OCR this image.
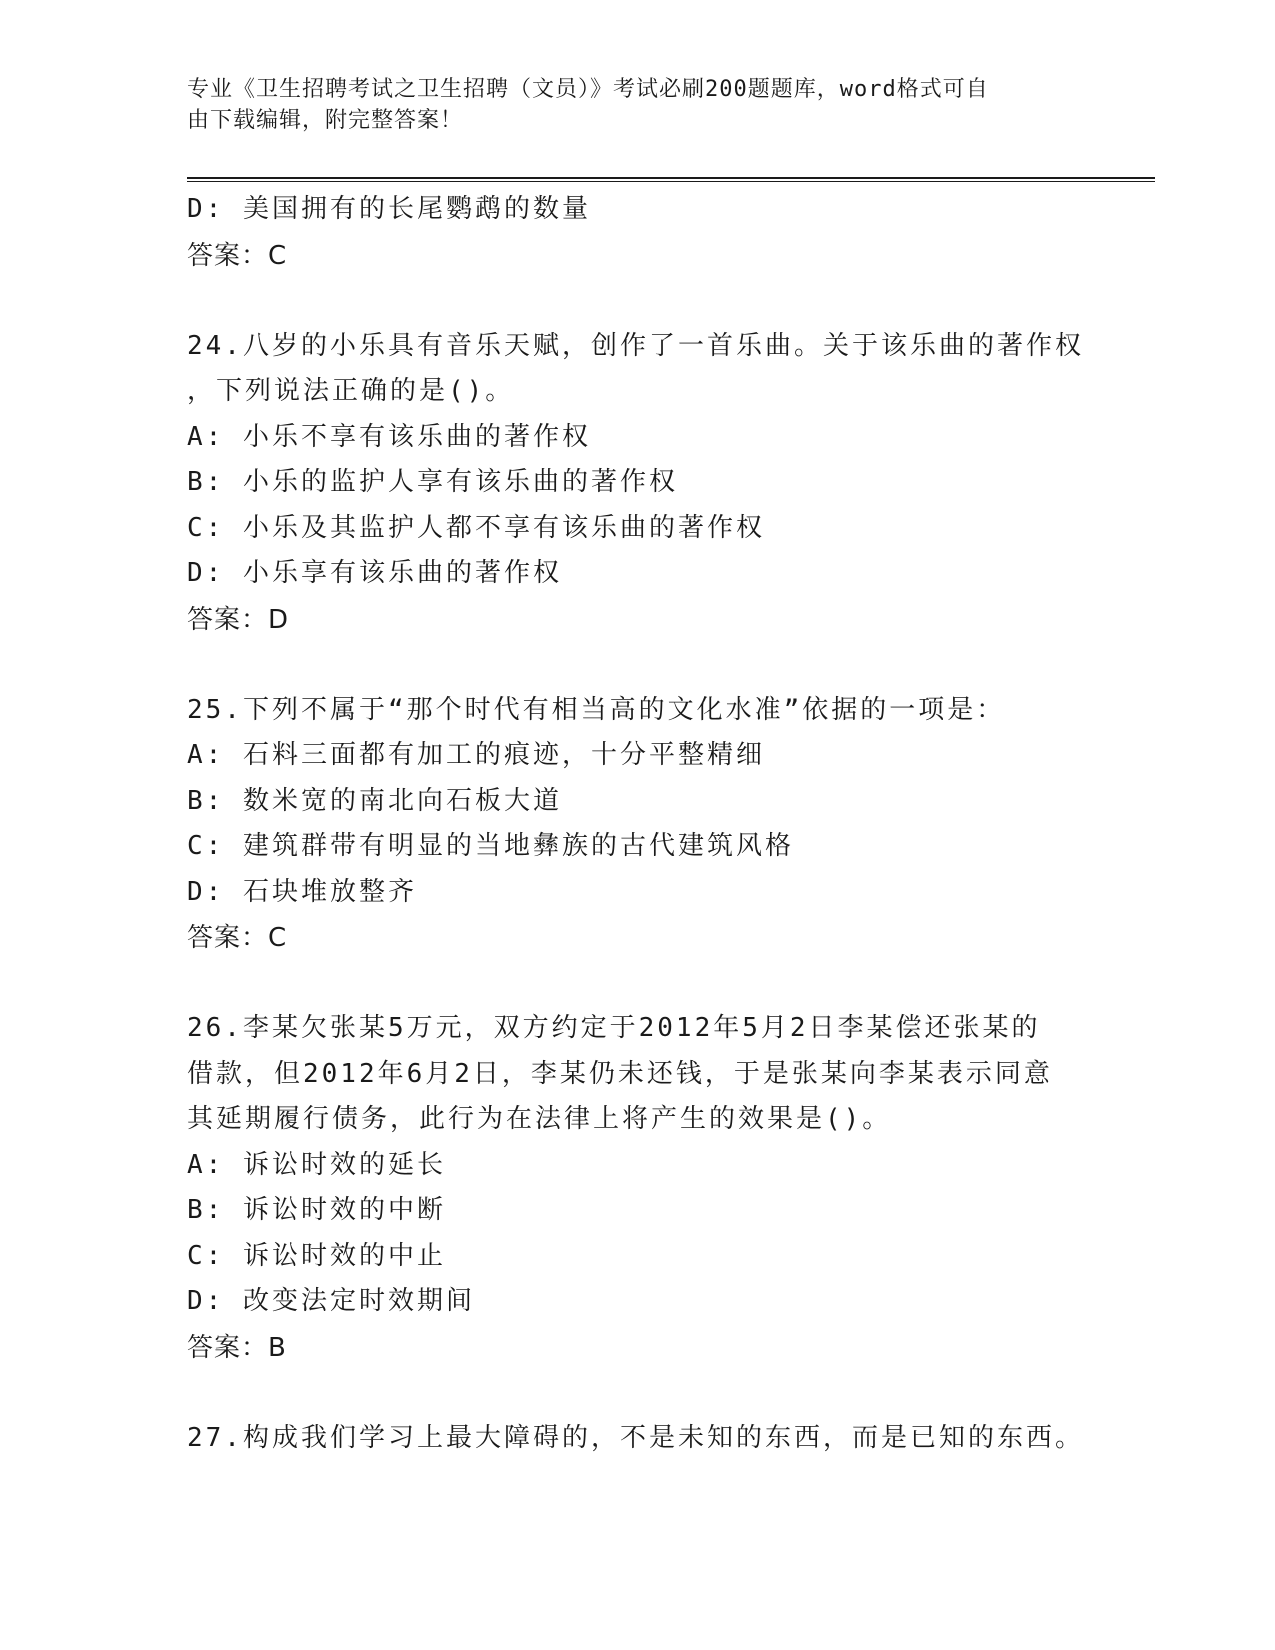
专业《卫生招聘考试之卫生招聘（文员）》考试必刷200题题库，word格式可自
由下载编辑，附完整答案！
D: 美国拥有的长尾鹦鹉的数量
答案：C
24.八岁的小乐具有音乐天赋，创作了一首乐曲。关于该乐曲的著作权
，下列说法正确的是()。
A: 小乐不享有该乐曲的著作权
B: 小乐的监护人享有该乐曲的著作权
C: 小乐及其监护人都不享有该乐曲的著作权
D: 小乐享有该乐曲的著作权
答案：D
25.下列不属于“那个时代有相当高的文化水准”依据的一项是：
A: 石料三面都有加工的痕迹，十分平整精细
B: 数米宽的南北向石板大道
C: 建筑群带有明显的当地彝族的古代建筑风格
D: 石块堆放整齐
答案：C
26.李某欠张某5万元，双方约定于2012年5月2日李某偿还张某的
借款，但2012年6月2日，李某仍未还钱，于是张某向李某表示同意
其延期履行债务，此行为在法律上将产生的效果是()。
A: 诉讼时效的延长
B: 诉讼时效的中断
C: 诉讼时效的中止
D: 改变法定时效期间
答案：B
27.构成我们学习上最大障碍的，不是未知的东西，而是已知的东西。
